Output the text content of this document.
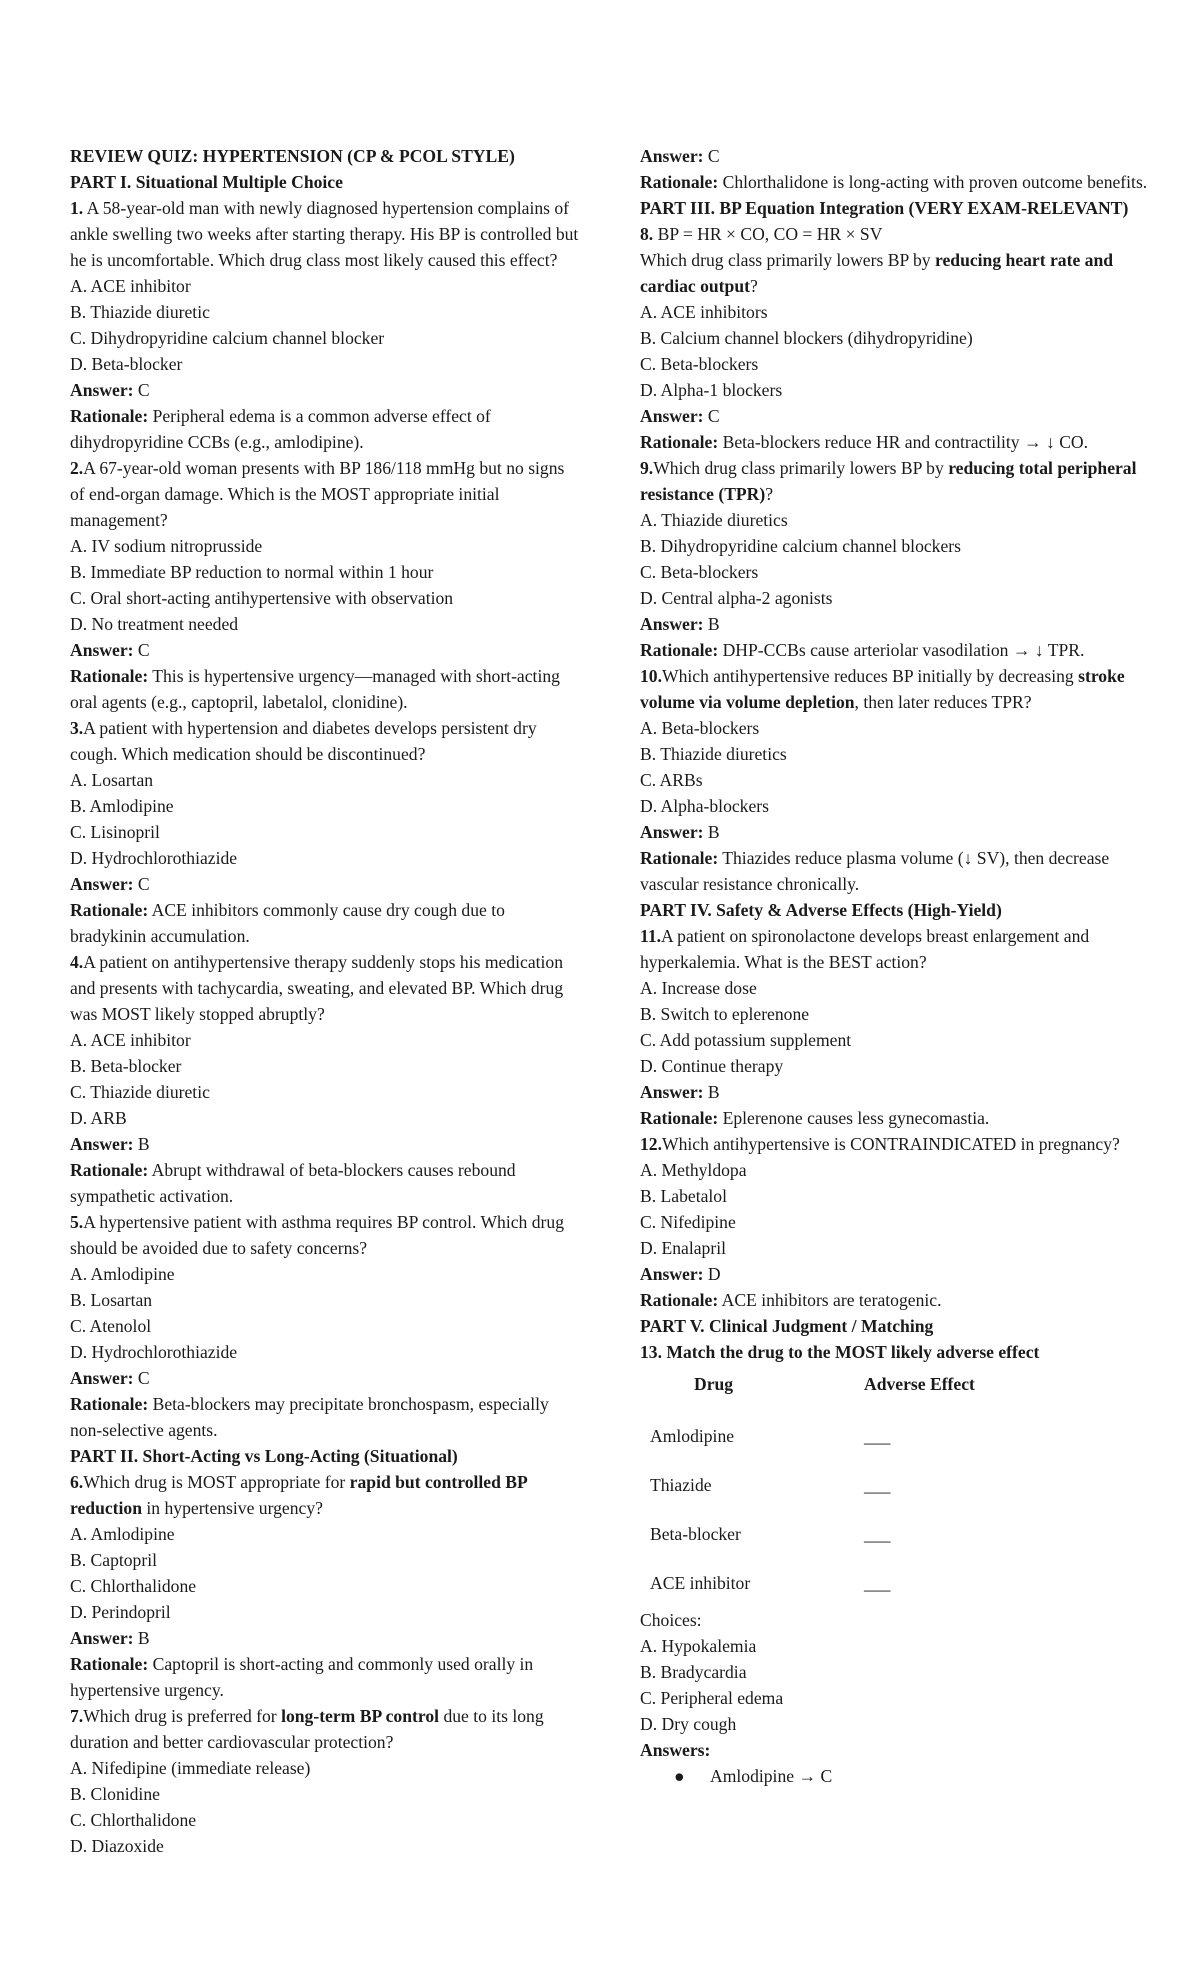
REVIEW QUIZ: HYPERTENSION (CP & PCOL STYLE)
PART I. Situational Multiple Choice
1. A 58-year-old man with newly diagnosed hypertension complains of ankle swelling two weeks after starting therapy. His BP is controlled but he is uncomfortable. Which drug class most likely caused this effect?
A. ACE inhibitor
B. Thiazide diuretic
C. Dihydropyridine calcium channel blocker
D. Beta-blocker
Answer: C
Rationale: Peripheral edema is a common adverse effect of dihydropyridine CCBs (e.g., amlodipine).
2.A 67-year-old woman presents with BP 186/118 mmHg but no signs of end-organ damage. Which is the MOST appropriate initial management?
A. IV sodium nitroprusside
B. Immediate BP reduction to normal within 1 hour
C. Oral short-acting antihypertensive with observation
D. No treatment needed
Answer: C
Rationale: This is hypertensive urgency—managed with short-acting oral agents (e.g., captopril, labetalol, clonidine).
3.A patient with hypertension and diabetes develops persistent dry cough. Which medication should be discontinued?
A. Losartan
B. Amlodipine
C. Lisinopril
D. Hydrochlorothiazide
Answer: C
Rationale: ACE inhibitors commonly cause dry cough due to bradykinin accumulation.
4.A patient on antihypertensive therapy suddenly stops his medication and presents with tachycardia, sweating, and elevated BP. Which drug was MOST likely stopped abruptly?
A. ACE inhibitor
B. Beta-blocker
C. Thiazide diuretic
D. ARB
Answer: B
Rationale: Abrupt withdrawal of beta-blockers causes rebound sympathetic activation.
5.A hypertensive patient with asthma requires BP control. Which drug should be avoided due to safety concerns?
A. Amlodipine
B. Losartan
C. Atenolol
D. Hydrochlorothiazide
Answer: C
Rationale: Beta-blockers may precipitate bronchospasm, especially non-selective agents.
PART II. Short-Acting vs Long-Acting (Situational)
6.Which drug is MOST appropriate for rapid but controlled BP reduction in hypertensive urgency?
A. Amlodipine
B. Captopril
C. Chlorthalidone
D. Perindopril
Answer: B
Rationale: Captopril is short-acting and commonly used orally in hypertensive urgency.
7.Which drug is preferred for long-term BP control due to its long duration and better cardiovascular protection?
A. Nifedipine (immediate release)
B. Clonidine
C. Chlorthalidone
D. Diazoxide
Answer: C
Rationale: Chlorthalidone is long-acting with proven outcome benefits.
PART III. BP Equation Integration (VERY EXAM-RELEVANT)
8. BP = HR × CO, CO = HR × SV
Which drug class primarily lowers BP by reducing heart rate and cardiac output?
A. ACE inhibitors
B. Calcium channel blockers (dihydropyridine)
C. Beta-blockers
D. Alpha-1 blockers
Answer: C
Rationale: Beta-blockers reduce HR and contractility → ↓ CO.
9.Which drug class primarily lowers BP by reducing total peripheral resistance (TPR)?
A. Thiazide diuretics
B. Dihydropyridine calcium channel blockers
C. Beta-blockers
D. Central alpha-2 agonists
Answer: B
Rationale: DHP-CCBs cause arteriolar vasodilation → ↓ TPR.
10.Which antihypertensive reduces BP initially by decreasing stroke volume via volume depletion, then later reduces TPR?
A. Beta-blockers
B. Thiazide diuretics
C. ARBs
D. Alpha-blockers
Answer: B
Rationale: Thiazides reduce plasma volume (↓ SV), then decrease vascular resistance chronically.
PART IV. Safety & Adverse Effects (High-Yield)
11.A patient on spironolactone develops breast enlargement and hyperkalemia. What is the BEST action?
A. Increase dose
B. Switch to eplerenone
C. Add potassium supplement
D. Continue therapy
Answer: B
Rationale: Eplerenone causes less gynecomastia.
12.Which antihypertensive is CONTRAINDICATED in pregnancy?
A. Methyldopa
B. Labetalol
C. Nifedipine
D. Enalapril
Answer: D
Rationale: ACE inhibitors are teratogenic.
PART V. Clinical Judgment / Matching
13. Match the drug to the MOST likely adverse effect
Drug	Adverse Effect
Amlodipine	___
Thiazide	___
Beta-blocker	___
ACE inhibitor	___
Choices:
A. Hypokalemia
B. Bradycardia
C. Peripheral edema
D. Dry cough
Answers:
● Amlodipine → C
